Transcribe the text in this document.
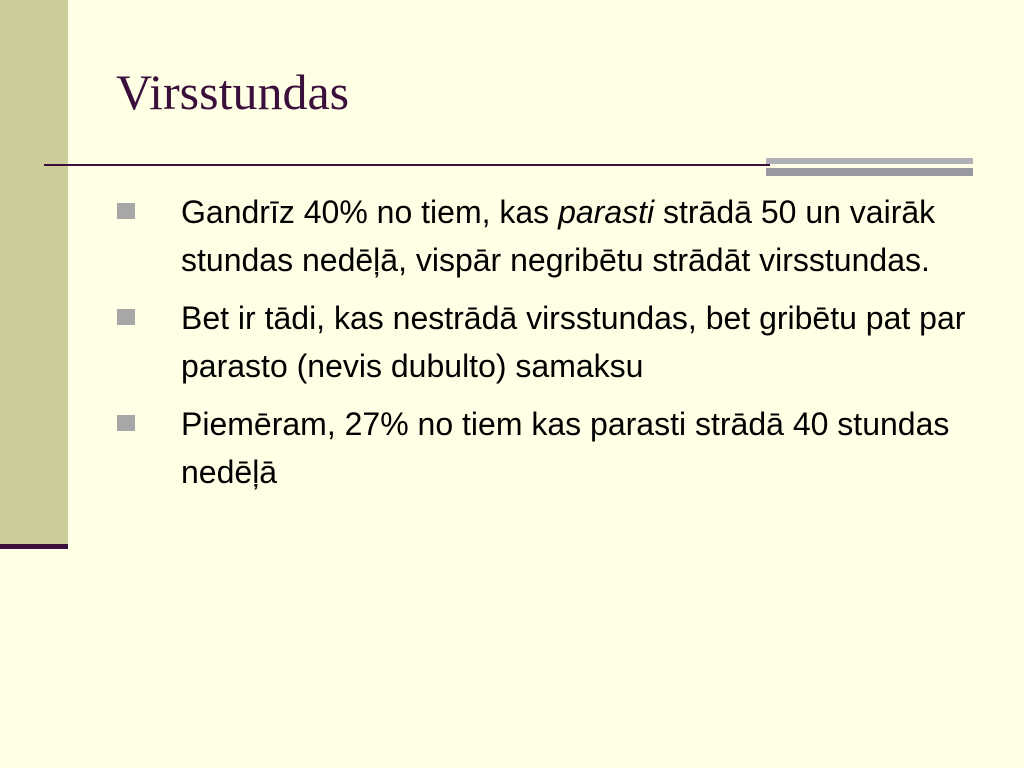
Virsstundas
Gandrīz 40% no tiem, kas parasti strādā 50 un vairāk stundas nedēļā, vispār negribētu strādāt virsstundas.
Bet ir tādi, kas nestrādā virsstundas, bet gribētu pat par parasto (nevis dubulto) samaksu
Piemēram, 27% no tiem kas parasti strādā 40 stundas nedēļā
